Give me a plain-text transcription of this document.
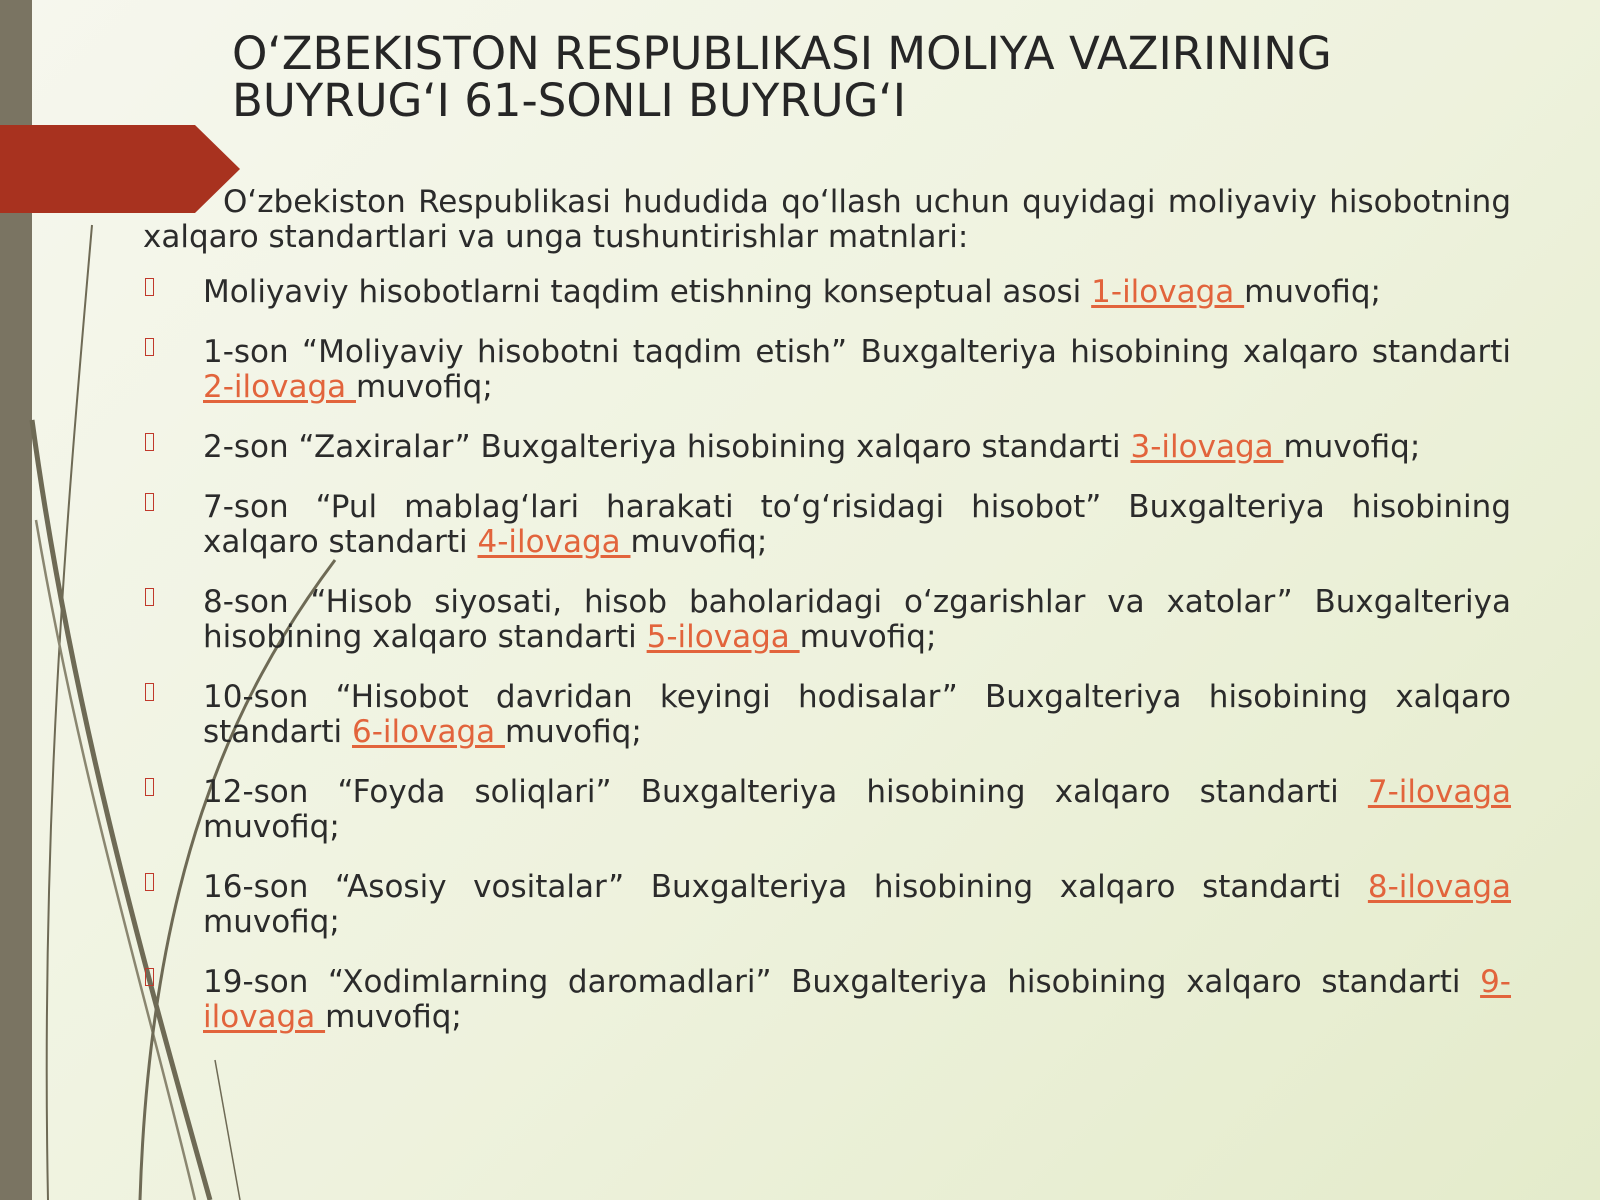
O‘ZBEKISTON RESPUBLIKASI MOLIYA VAZIRINING
BUYRUG‘I 61-SONLI BUYRUG‘I

O‘zbekiston Respublikasi hududida qo‘llash uchun quyidagi moliyaviy hisobotning xalqaro standartlari va unga tushuntirishlar matnlari:

Moliyaviy hisobotlarni taqdim etishning konseptual asosi 1-ilovaga muvofiq;
1-son “Moliyaviy hisobotni taqdim etish” Buxgalteriya hisobining xalqaro standarti 2-ilovaga muvofiq;
2-son “Zaxiralar” Buxgalteriya hisobining xalqaro standarti 3-ilovaga muvofiq;
7-son “Pul mablag‘lari harakati to‘g‘risidagi hisobot” Buxgalteriya hisobining xalqaro standarti 4-ilovaga muvofiq;
8-son “Hisob siyosati, hisob baholaridagi o‘zgarishlar va xatolar” Buxgalteriya hisobining xalqaro standarti 5-ilovaga muvofiq;
10-son “Hisobot davridan keyingi hodisalar” Buxgalteriya hisobining xalqaro standarti 6-ilovaga muvofiq;
12-son “Foyda soliqlari” Buxgalteriya hisobining xalqaro standarti 7-ilovaga muvofiq;
16-son “Asosiy vositalar” Buxgalteriya hisobining xalqaro standarti 8-ilovaga muvofiq;
19-son “Xodimlarning daromadlari” Buxgalteriya hisobining xalqaro standarti 9-ilovaga muvofiq;
